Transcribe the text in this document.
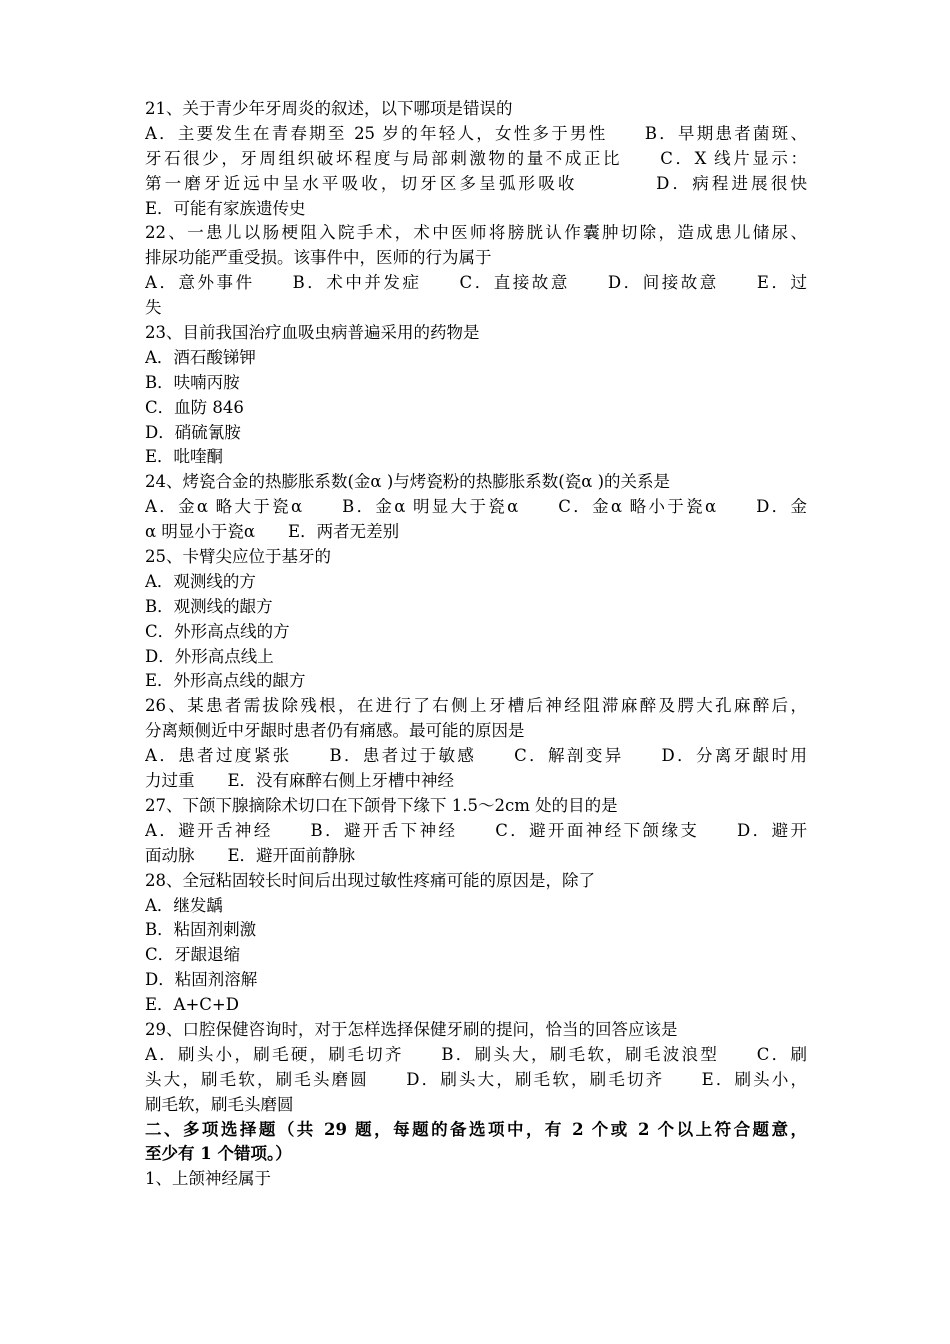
21、关于青少年牙周炎的叙述，以下哪项是错误的
A．主要发生在青春期至 25 岁的年轻人，女性多于男性　　B．早期患者菌斑、
牙石很少，牙周组织破坏程度与局部刺激物的量不成正比　　C．X 线片显示：
第一磨牙近远中呈水平吸收，切牙区多呈弧形吸收　　　　D．病程进展很快
E．可能有家族遗传史
22、一患儿以肠梗阻入院手术，术中医师将膀胱认作囊肿切除，造成患儿储尿、
排尿功能严重受损。该事件中，医师的行为属于
A．意外事件　　B．术中并发症　　C．直接故意　　D．间接故意　　E．过
失
23、目前我国治疗血吸虫病普遍采用的药物是
A．酒石酸锑钾
B．呋喃丙胺
C．血防 846
D．硝硫氰胺
E．吡喹酮
24、烤瓷合金的热膨胀系数(金α )与烤瓷粉的热膨胀系数(瓷α )的关系是
A．金α 略大于瓷α　　B．金α 明显大于瓷α　　C．金α 略小于瓷α　　D．金
α 明显小于瓷α　　E．两者无差别
25、卡臂尖应位于基牙的
A．观测线的方
B．观测线的龈方
C．外形高点线的方
D．外形高点线上
E．外形高点线的龈方
26、某患者需拔除残根，在进行了右侧上牙槽后神经阻滞麻醉及腭大孔麻醉后，
分离颊侧近中牙龈时患者仍有痛感。最可能的原因是
A．患者过度紧张　　B．患者过于敏感　　C．解剖变异　　D．分离牙龈时用
力过重　　E．没有麻醉右侧上牙槽中神经
27、下颌下腺摘除术切口在下颌骨下缘下 1.5～2cm 处的目的是
A．避开舌神经　　B．避开舌下神经　　C．避开面神经下颌缘支　　D．避开
面动脉　　E．避开面前静脉
28、全冠粘固较长时间后出现过敏性疼痛可能的原因是，除了
A．继发龋
B．粘固剂刺激
C．牙龈退缩
D．粘固剂溶解
E．A+C+D
29、口腔保健咨询时，对于怎样选择保健牙刷的提问，恰当的回答应该是
A．刷头小，刷毛硬，刷毛切齐　　B．刷头大，刷毛软，刷毛波浪型　　C．刷
头大，刷毛软，刷毛头磨圆　　D．刷头大，刷毛软，刷毛切齐　　E．刷头小，
刷毛软，刷毛头磨圆
二、多项选择题（共 29 题，每题的备选项中，有 2 个或 2 个以上符合题意，
至少有 1 个错项。）
1、上颌神经属于
